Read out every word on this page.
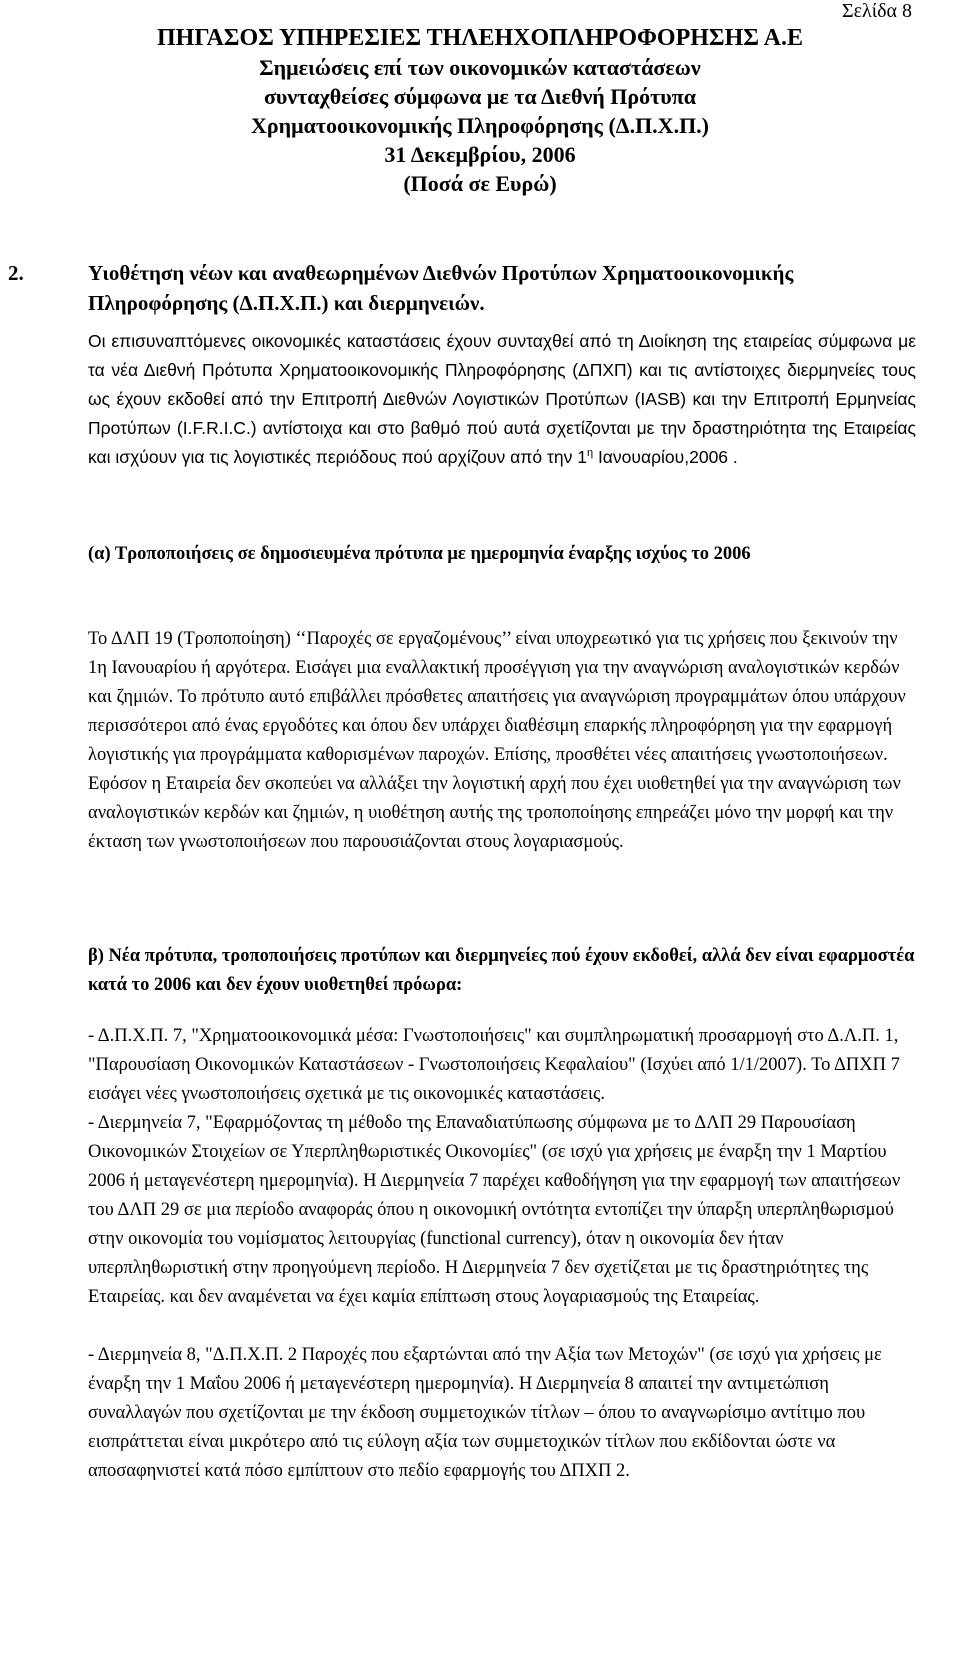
Σελίδα 8
ΠΗΓΑΣΟΣ ΥΠΗΡΕΣΙΕΣ ΤΗΛΕΗΧΟΠΛΗΡΟΦΟΡΗΣΗΣ Α.Ε
Σημειώσεις επί των οικονομικών καταστάσεων
συνταχθείσες σύμφωνα με τα Διεθνή Πρότυπα
Χρηματοοικονομικής Πληροφόρησης (Δ.Π.Χ.Π.)
31 Δεκεμβρίου, 2006
(Ποσά σε Ευρώ)
2.	Υιοθέτηση νέων και αναθεωρημένων Διεθνών Προτύπων Χρηματοοικονομικής Πληροφόρησης (Δ.Π.Χ.Π.) και διερμηνειών.
Οι επισυναπτόμενες οικονομικές καταστάσεις έχουν συνταχθεί από τη Διοίκηση της εταιρείας σύμφωνα με τα νέα Διεθνή Πρότυπα Χρηματοοικονομικής Πληροφόρησης (ΔΠΧΠ) και τις αντίστοιχες διερμηνείες τους ως έχουν εκδοθεί από την Επιτροπή Διεθνών Λογιστικών Προτύπων (IASB) και την Επιτροπή Ερμηνείας Προτύπων (I.F.R.I.C.) αντίστοιχα και στο βαθμό πού αυτά σχετίζονται με την δραστηριότητα της Εταιρείας και ισχύουν για τις λογιστικές περιόδους πού αρχίζουν από την $1^\eta$ Ιανουαρίου,2006 .
(α) Τροποποιήσεις σε δημοσιευμένα πρότυπα με ημερομηνία έναρξης ισχύος το 2006
Το ΔΛΠ 19 (Τροποποίηση) ‘‘Παροχές σε εργαζομένους’’ είναι υποχρεωτικό για τις χρήσεις που ξεκινούν την 1η Ιανουαρίου ή αργότερα. Εισάγει μια εναλλακτική προσέγγιση για την αναγνώριση αναλογιστικών κερδών και ζημιών. Το πρότυπο αυτό επιβάλλει πρόσθετες απαιτήσεις για αναγνώριση προγραμμάτων όπου υπάρχουν περισσότεροι από ένας εργοδότες και όπου δεν υπάρχει διαθέσιμη επαρκής πληροφόρηση για την εφαρμογή λογιστικής για προγράμματα καθορισμένων παροχών. Επίσης, προσθέτει νέες απαιτήσεις γνωστοποιήσεων. Εφόσον η Εταιρεία δεν σκοπεύει να αλλάξει την λογιστική αρχή που έχει υιοθετηθεί για την αναγνώριση των αναλογιστικών κερδών και ζημιών, η υιοθέτηση αυτής της τροποποίησης επηρεάζει μόνο την μορφή και την έκταση των γνωστοποιήσεων που παρουσιάζονται στους λογαριασμούς.
β) Νέα πρότυπα, τροποποιήσεις προτύπων και διερμηνείες πού έχουν εκδοθεί, αλλά δεν είναι εφαρμοστέα κατά το 2006 και δεν έχουν υιοθετηθεί πρόωρα:

- Δ.Π.Χ.Π. 7, "Χρηματοοικονομικά μέσα: Γνωστοποιήσεις" και συμπληρωματική προσαρμογή στο Δ.Λ.Π. 1, "Παρουσίαση Οικονομικών Καταστάσεων - Γνωστοποιήσεις Κεφαλαίου" (Ισχύει από 1/1/2007). Το ΔΠΧΠ 7 εισάγει νέες γνωστοποιήσεις σχετικά με τις οικονομικές καταστάσεις.

- Διερμηνεία 7, "Εφαρμόζοντας τη μέθοδο της Επαναδιατύπωσης σύμφωνα με το ΔΛΠ 29 Παρουσίαση Οικονομικών Στοιχείων σε Υπερπληθωριστικές Οικονομίες" (σε ισχύ για χρήσεις με έναρξη την 1 Μαρτίου 2006 ή μεταγενέστερη ημερομηνία). Η Διερμηνεία 7 παρέχει καθοδήγηση για την εφαρμογή των απαιτήσεων του ΔΛΠ 29 σε μια περίοδο αναφοράς όπου η οικονομική οντότητα εντοπίζει την ύπαρξη υπερπληθωρισμού στην οικονομία του νομίσματος λειτουργίας (functional currency), όταν η οικονομία δεν ήταν υπερπληθωριστική στην προηγούμενη περίοδο. Η Διερμηνεία 7 δεν σχετίζεται με τις δραστηριότητες της Εταιρείας. και δεν αναμένεται να έχει καμία επίπτωση στους λογαριασμούς της Εταιρείας.

- Διερμηνεία 8, "Δ.Π.Χ.Π. 2 Παροχές που εξαρτώνται από την Αξία των Μετοχών" (σε ισχύ για χρήσεις με έναρξη την 1 Μαΐου 2006 ή μεταγενέστερη ημερομηνία). Η Διερμηνεία 8 απαιτεί την αντιμετώπιση συναλλαγών που σχετίζονται με την έκδοση συμμετοχικών τίτλων – όπου το αναγνωρίσιμο αντίτιμο που εισπράττεται είναι μικρότερο από τις εύλογη αξία των συμμετοχικών τίτλων που εκδίδονται ώστε να αποσαφηνιστεί κατά πόσο εμπίπτουν στο πεδίο εφαρμογής του ΔΠΧΠ 2.
